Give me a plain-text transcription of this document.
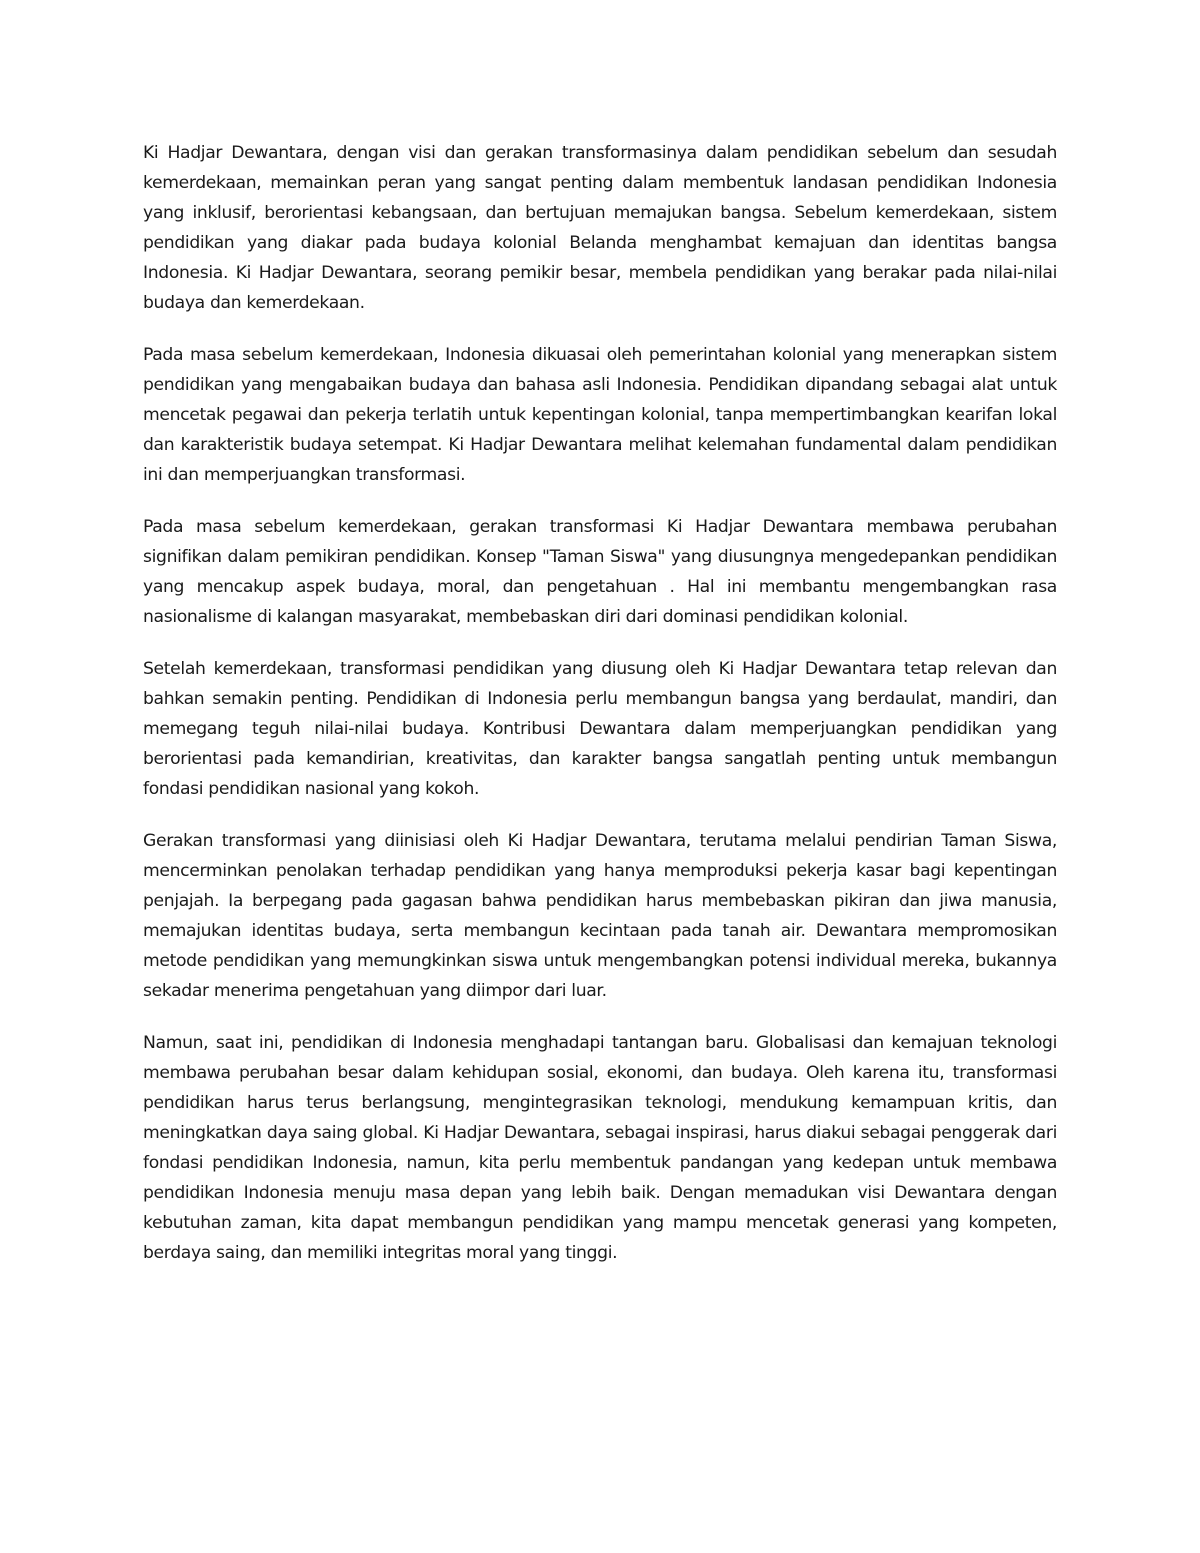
Ki Hadjar Dewantara, dengan visi dan gerakan transformasinya dalam pendidikan sebelum dan sesudah kemerdekaan, memainkan peran yang sangat penting dalam membentuk landasan pendidikan Indonesia yang inklusif, berorientasi kebangsaan, dan bertujuan memajukan bangsa. Sebelum kemerdekaan, sistem pendidikan yang diakar pada budaya kolonial Belanda menghambat kemajuan dan identitas bangsa Indonesia. Ki Hadjar Dewantara, seorang pemikir besar, membela pendidikan yang berakar pada nilai-nilai budaya dan kemerdekaan.

Pada masa sebelum kemerdekaan, Indonesia dikuasai oleh pemerintahan kolonial yang menerapkan sistem pendidikan yang mengabaikan budaya dan bahasa asli Indonesia. Pendidikan dipandang sebagai alat untuk mencetak pegawai dan pekerja terlatih untuk kepentingan kolonial, tanpa mempertimbangkan kearifan lokal dan karakteristik budaya setempat. Ki Hadjar Dewantara melihat kelemahan fundamental dalam pendidikan ini dan memperjuangkan transformasi.

Pada masa sebelum kemerdekaan, gerakan transformasi Ki Hadjar Dewantara membawa perubahan signifikan dalam pemikiran pendidikan. Konsep "Taman Siswa" yang diusungnya mengedepankan pendidikan yang mencakup aspek budaya, moral, dan pengetahuan . Hal ini membantu mengembangkan rasa nasionalisme di kalangan masyarakat, membebaskan diri dari dominasi pendidikan kolonial.

Setelah kemerdekaan, transformasi pendidikan yang diusung oleh Ki Hadjar Dewantara tetap relevan dan bahkan semakin penting. Pendidikan di Indonesia perlu membangun bangsa yang berdaulat, mandiri, dan memegang teguh nilai-nilai budaya. Kontribusi Dewantara dalam memperjuangkan pendidikan yang berorientasi pada kemandirian, kreativitas, dan karakter bangsa sangatlah penting untuk membangun fondasi pendidikan nasional yang kokoh.

Gerakan transformasi yang diinisiasi oleh Ki Hadjar Dewantara, terutama melalui pendirian Taman Siswa, mencerminkan penolakan terhadap pendidikan yang hanya memproduksi pekerja kasar bagi kepentingan penjajah. Ia berpegang pada gagasan bahwa pendidikan harus membebaskan pikiran dan jiwa manusia, memajukan identitas budaya, serta membangun kecintaan pada tanah air. Dewantara mempromosikan metode pendidikan yang memungkinkan siswa untuk mengembangkan potensi individual mereka, bukannya sekadar menerima pengetahuan yang diimpor dari luar.

Namun, saat ini, pendidikan di Indonesia menghadapi tantangan baru. Globalisasi dan kemajuan teknologi membawa perubahan besar dalam kehidupan sosial, ekonomi, dan budaya. Oleh karena itu, transformasi pendidikan harus terus berlangsung, mengintegrasikan teknologi, mendukung kemampuan kritis, dan meningkatkan daya saing global. Ki Hadjar Dewantara, sebagai inspirasi, harus diakui sebagai penggerak dari fondasi pendidikan Indonesia, namun, kita perlu membentuk pandangan yang kedepan untuk membawa pendidikan Indonesia menuju masa depan yang lebih baik. Dengan memadukan visi Dewantara dengan kebutuhan zaman, kita dapat membangun pendidikan yang mampu mencetak generasi yang kompeten, berdaya saing, dan memiliki integritas moral yang tinggi.
